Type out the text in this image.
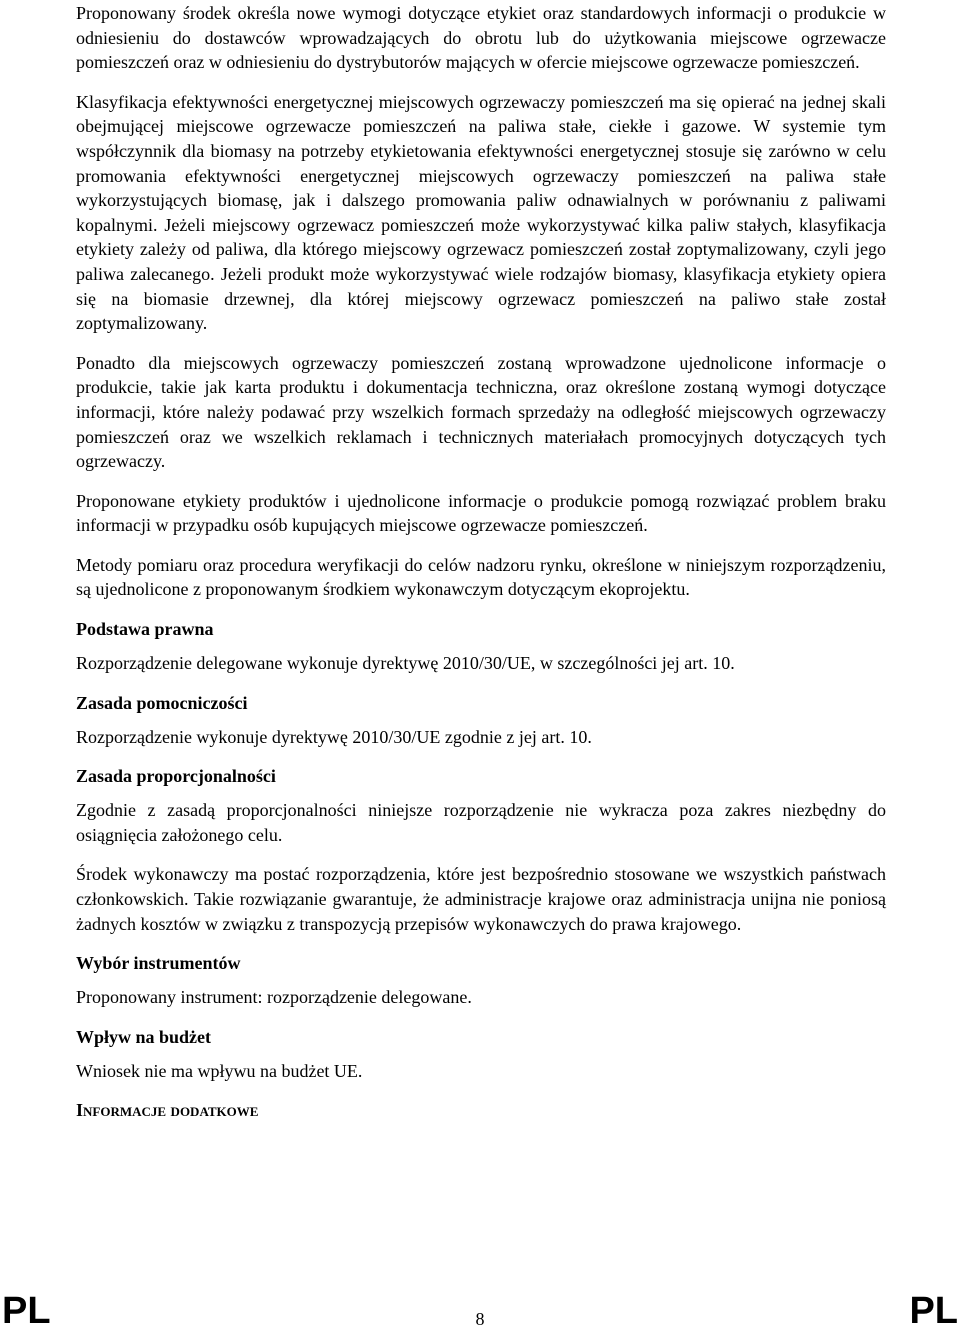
Proponowany środek określa nowe wymogi dotyczące etykiet oraz standardowych informacji o produkcie w odniesieniu do dostawców wprowadzających do obrotu lub do użytkowania miejscowe ogrzewacze pomieszczeń oraz w odniesieniu do dystrybutorów mających w ofercie miejscowe ogrzewacze pomieszczeń.

Klasyfikacja efektywności energetycznej miejscowych ogrzewaczy pomieszczeń ma się opierać na jednej skali obejmującej miejscowe ogrzewacze pomieszczeń na paliwa stałe, ciekłe i gazowe. W systemie tym współczynnik dla biomasy na potrzeby etykietowania efektywności energetycznej stosuje się zarówno w celu promowania efektywności energetycznej miejscowych ogrzewaczy pomieszczeń na paliwa stałe wykorzystujących biomasę, jak i dalszego promowania paliw odnawialnych w porównaniu z paliwami kopalnymi. Jeżeli miejscowy ogrzewacz pomieszczeń może wykorzystywać kilka paliw stałych, klasyfikacja etykiety zależy od paliwa, dla którego miejscowy ogrzewacz pomieszczeń został zoptymalizowany, czyli jego paliwa zalecanego. Jeżeli produkt może wykorzystywać wiele rodzajów biomasy, klasyfikacja etykiety opiera się na biomasie drzewnej, dla której miejscowy ogrzewacz pomieszczeń na paliwo stałe został zoptymalizowany.

Ponadto dla miejscowych ogrzewaczy pomieszczeń zostaną wprowadzone ujednolicone informacje o produkcie, takie jak karta produktu i dokumentacja techniczna, oraz określone zostaną wymogi dotyczące informacji, które należy podawać przy wszelkich formach sprzedaży na odległość miejscowych ogrzewaczy pomieszczeń oraz we wszelkich reklamach i technicznych materiałach promocyjnych dotyczących tych ogrzewaczy.

Proponowane etykiety produktów i ujednolicone informacje o produkcie pomogą rozwiązać problem braku informacji w przypadku osób kupujących miejscowe ogrzewacze pomieszczeń.

Metody pomiaru oraz procedura weryfikacji do celów nadzoru rynku, określone w niniejszym rozporządzeniu, są ujednolicone z proponowanym środkiem wykonawczym dotyczącym ekoprojektu.

Podstawa prawna

Rozporządzenie delegowane wykonuje dyrektywę 2010/30/UE, w szczególności jej art. 10.

Zasada pomocniczości

Rozporządzenie wykonuje dyrektywę 2010/30/UE zgodnie z jej art. 10.

Zasada proporcjonalności

Zgodnie z zasadą proporcjonalności niniejsze rozporządzenie nie wykracza poza zakres niezbędny do osiągnięcia założonego celu.

Środek wykonawczy ma postać rozporządzenia, które jest bezpośrednio stosowane we wszystkich państwach członkowskich. Takie rozwiązanie gwarantuje, że administracje krajowe oraz administracja unijna nie poniosą żadnych kosztów w związku z transpozycją przepisów wykonawczych do prawa krajowego.

Wybór instrumentów

Proponowany instrument: rozporządzenie delegowane.

Wpływ na budżet

Wniosek nie ma wpływu na budżet UE.

Informacje dodatkowe
PL	8	PL
